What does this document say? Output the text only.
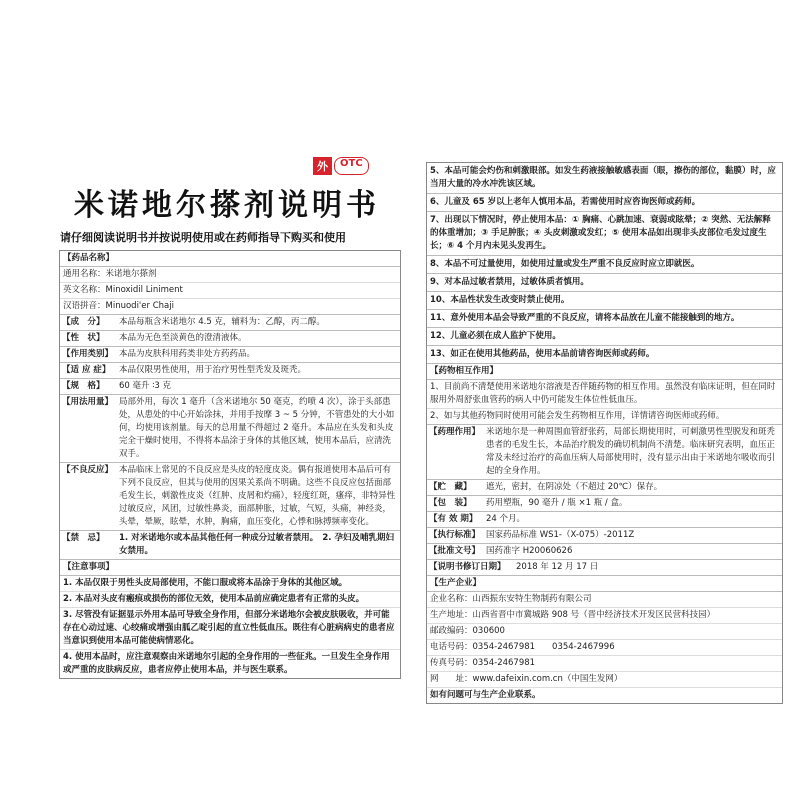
外	OTC
米诺地尔搽剂说明书
请仔细阅读说明书并按说明使用或在药师指导下购买和使用
【药品名称】
通用名称：米诺地尔搽剂
英文名称：Minoxidil Liniment
汉语拼音：Minuodi'er Chaji
【成　分】	本品每瓶含米诺地尔 4.5 克，辅料为：乙醇，丙二醇。
【性　状】	本品为无色至淡黄色的澄清液体。
【作用类别】 本品为皮肤科用药类非处方药药品。
【适 应 症】	本品仅限男性使用，用于治疗男性型秃发及斑秃。
【规　格】	60 毫升 ∶3 克
【用法用量】 局部外用，每次 1 毫升（含米诺地尔 50 毫克，约喷 4 次），涂于头部患处，从患处的中心开始涂抹，并用手按摩 3 ~ 5 分钟，不管患处的大小如何，均使用该剂量。每天的总用量不得超过 2 毫升。本品应在头发和头皮完全干燥时使用，不得将本品涂于身体的其他区域，使用本品后，应清洗双手。
【不良反应】 本品临床上常见的不良反应是头皮的轻度皮炎。偶有报道使用本品后可有下列不良反应，但其与使用的因果关系尚不明确。这些不良反应包括面部毛发生长，刺激性皮炎（红肿、皮屑和灼痛），轻度红斑，瘙痒，非特异性过敏反应，风团，过敏性鼻炎，面部肿胀，过敏，气短，头痛，神经炎，头晕，晕厥，眩晕，水肿，胸痛，血压变化，心悸和脉搏频率变化。
【禁　忌】	1. 对米诺地尔或本品其他任何一种成分过敏者禁用。　2. 孕妇及哺乳期妇女禁用。
【注意事项】
1. 本品仅限于男性头皮局部使用，不能口服或将本品涂于身体的其他区域。
2. 本品对头皮有瘢痕或损伤的部位无效，使用本品前应确定患者有正常的头皮。
3. 尽管没有证据显示外用本品可导致全身作用，但部分米诺地尔会被皮肤吸收，并可能存在心动过速、心绞痛或增强由胍乙啶引起的直立性低血压。既往有心脏病病史的患者应当意识到使用本品可能使病情恶化。
4. 使用本品时，应注意观察由米诺地尔引起的全身作用的一些征兆。一旦发生全身作用或严重的皮肤病反应，患者应停止使用本品，并与医生联系。
5、本品可能会灼伤和刺激眼部。如发生药液接触敏感表面（眼，擦伤的部位，黏膜）时，应当用大量的冷水冲洗该区域。
6、儿童及 65 岁以上老年人慎用本品，若需使用时应咨询医师或药师。
7、出现以下情况时，停止使用本品：① 胸痛、心跳加速、衰弱或眩晕；② 突然、无法解释的体重增加；③ 手足肿胀；④ 头皮刺激或发红；⑤ 使用本品如出现非头皮部位毛发过度生长；⑥ 4 个月内未见头发再生。
8、本品不可过量使用，如使用过量或发生严重不良反应时应立即就医。
9、对本品过敏者禁用，过敏体质者慎用。
10、本品性状发生改变时禁止使用。
11、意外使用本品会导致严重的不良反应，请将本品放在儿童不能接触到的地方。
12、儿童必须在成人监护下使用。
13、如正在使用其他药品，使用本品前请咨询医师或药师。
【药物相互作用】
1、目前尚不清楚使用米诺地尔溶液是否伴随药物的相互作用。虽然没有临床证明，但在同时服用外周舒张血管药的病人中仍可能发生体位性低血压。
2、如与其他药物同时使用可能会发生药物相互作用，详情请咨询医师或药师。
【药理作用】 米诺地尔是一种周围血管舒张药，局部长期使用时，可刺激男性型脱发和斑秃患者的毛发生长，本品治疗脱发的确切机制尚不清楚。临床研究表明，血压正常及未经过治疗的高血压病人局部使用时，没有显示出由于米诺地尔吸收而引起的全身作用。
【贮　藏】	遮光，密封，在阴凉处（不超过 20℃）保存。
【包　装】	药用塑瓶，90 毫升 / 瓶 ×1 瓶 / 盒。
【有 效 期】	24 个月。
【执行标准】 国家药品标准 WS1-（X-075）-2011Z
【批准文号】 国药准字 H20060626
【说明书修订日期】	2018 年 12 月 17 日
【生产企业】
企业名称：山西振东安特生物制药有限公司
生产地址：山西省晋中市冀城路 908 号（晋中经济技术开发区民营科技园）
邮政编码：030600
电话号码：0354-2467981　　0354-2467996
传真号码：0354-2467981
网　　址：www.dafeixin.com.cn（中国生发网）
如有问题可与生产企业联系。
